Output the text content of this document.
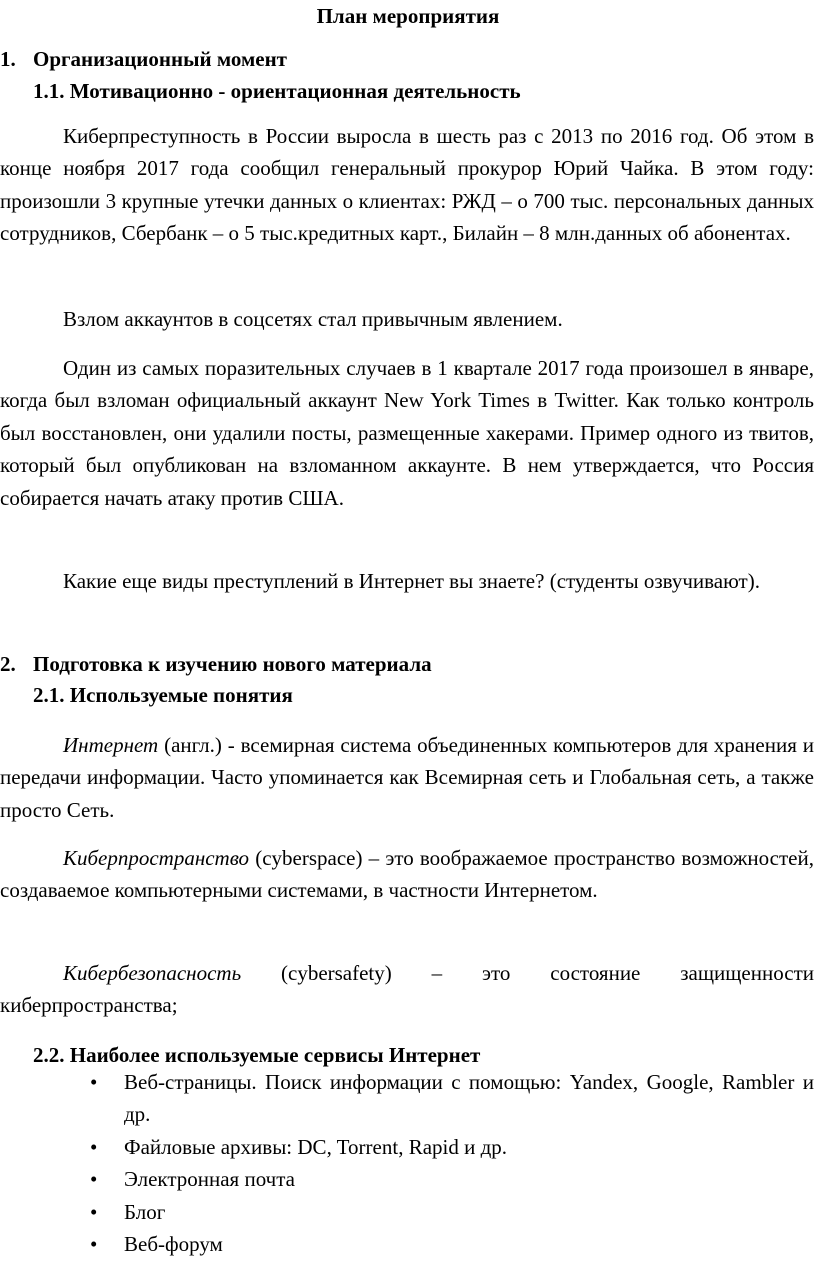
План мероприятия
1. Организационный момент
1.1. Мотивационно - ориентационная деятельность

Киберпреступность в России выросла в шесть раз с 2013 по 2016 год. Об этом в конце ноября 2017 года сообщил генеральный прокурор Юрий Чайка. В этом году: произошли 3 крупные утечки данных о клиентах: РЖД – о 700 тыс. персональных данных сотрудников, Сбербанк – о 5 тыс.кредитных карт., Билайн – 8 млн.данных об абонентах.

Взлом аккаунтов в соцсетях стал привычным явлением.

Один из самых поразительных случаев в 1 квартале 2017 года произошел в январе, когда был взломан официальный аккаунт New York Times в Twitter. Как только контроль был восстановлен, они удалили посты, размещенные хакерами. Пример одного из твитов, который был опубликован на взломанном аккаунте. В нем утверждается, что Россия собирается начать атаку против США.

Какие еще виды преступлений в Интернет вы знаете? (студенты озвучивают).

2. Подготовка к изучению нового материала
2.1. Используемые понятия

Интернет (англ.) - всемирная система объединенных компьютеров для хранения и передачи информации. Часто упоминается как Всемирная сеть и Глобальная сеть, а также просто Сеть.

Киберпространство (cyberspace) – это воображаемое пространство возможностей, создаваемое компьютерными системами, в частности Интернетом.

Кибербезопасность (cybersafety) – это состояние защищенности киберпространства;

2.2. Наиболее используемые сервисы Интернет
• Веб-страницы. Поиск информации с помощью: Yandex, Google, Rambler и др.
• Файловые архивы: DC, Torrent, Rapid и др.
• Электронная почта
• Блог
• Веб-форум
